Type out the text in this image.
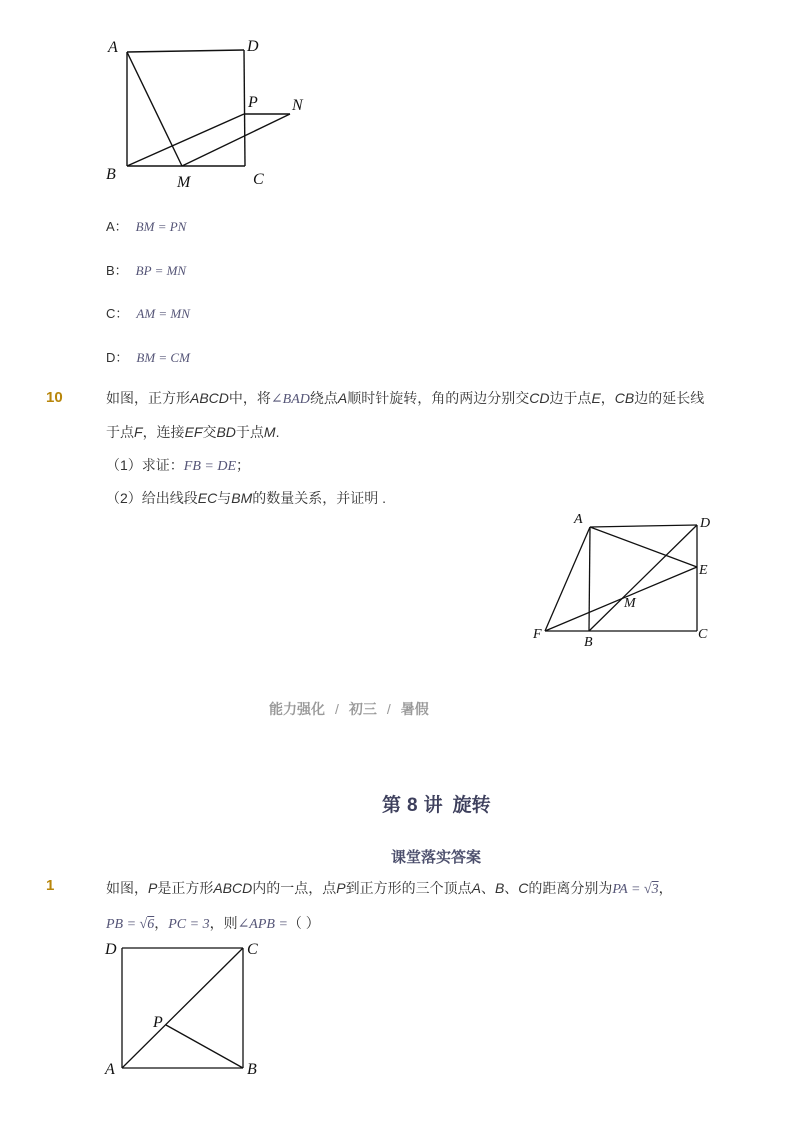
A	D
P N
B	M	C
A： BM = PN
B： BP = MN
C： AM = MN
D： BM = CM
10	如图，正方形ABCD中，将∠BAD绕点A顺时针旋转，角的两边分别交CD边于点E，CB边的延长线
于点F，连接EF交BD于点M.
（1）求证：FB = DE；
（2）给出线段EC与BM的数量关系，并证明 .
A	D
E
M
F
B
C
能力强化 / 初三 / 暑假
第 8 讲 旋转
课堂落实答案
1	如图，P是正方形ABCD内的一点，点P到正方形的三个顶点A、B、C的距离分别为PA = √3，
PB = √6，PC = 3，则∠APB =（ ）
D	C
P
A	B
